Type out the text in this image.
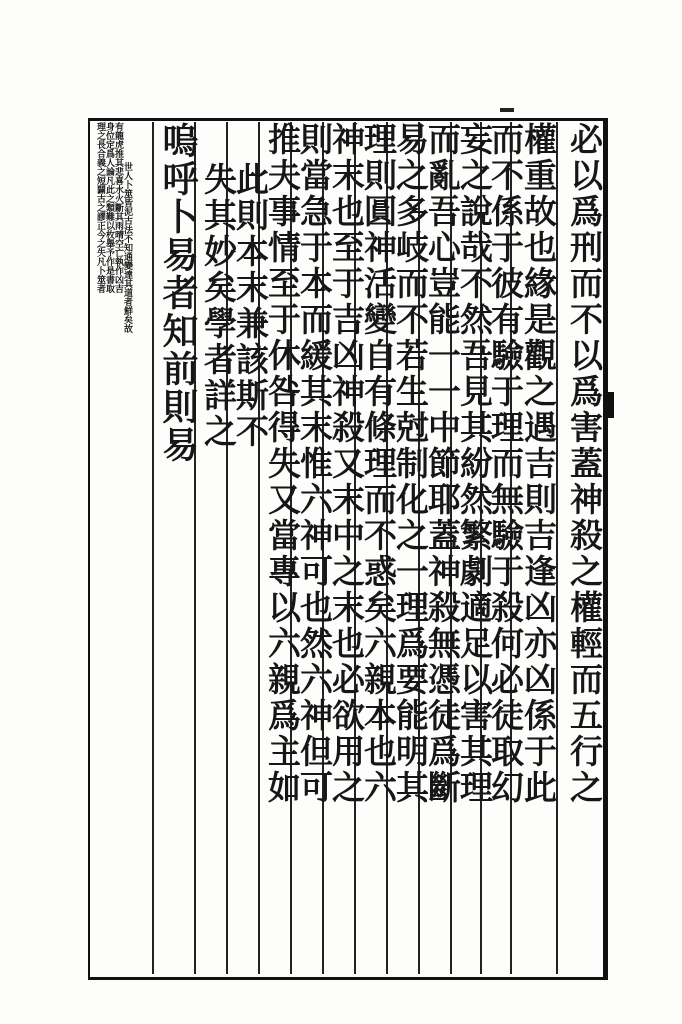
必以爲刑而不以爲害蓋神殺之權輕而五行之
權重故也緣是觀之遇吉則吉逢凶亦凶係于此
而不係于彼有驗于理而無驗于殺何必徒取幻
妄之說哉不然吾見其紛然繁劇適足以害其理
而亂吾心豈能一一中節耶蓋神殺無憑徒爲斷
易之多岐而不若生尅制化之一理爲要能明其
理則圓神活變自有條理而不惑矣六親本也六
神末也至于吉凶神殺又末中之末也必欲用之
則當急于本而緩其末惟六神可也然六神但可
推夫事情至于休咎得失又當專以六親爲主如
此則本末兼該斯不
失其妙矣學者詳之
嗚呼卜易者知前則易
世人卜筮皆泥古法不知通變達其道者鮮矣故
有龍虎推其悲喜水火斷其雨晴空亡執作凶吉
身位定爲人論凡此之類難以枚舉予作是書取
理之長合義之短闢古之謬正今之失凡卜筮者
